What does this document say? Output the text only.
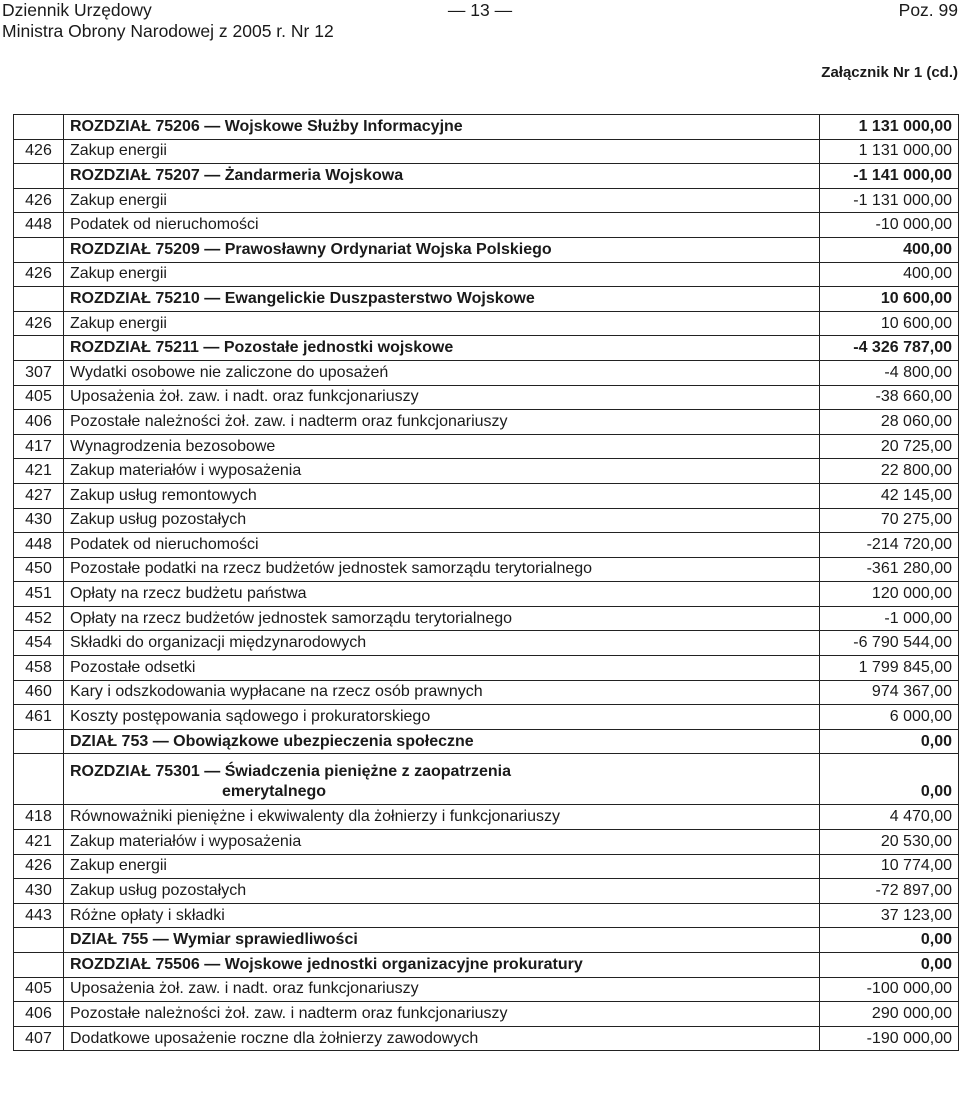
Dziennik Urzędowy
Ministra Obrony Narodowej z 2005 r. Nr 12
— 13 —	Poz. 99
Załącznik Nr 1 (cd.)
	ROZDZIAŁ 75206 — Wojskowe Służby Informacyjne	1 131 000,00
426	Zakup energii	1 131 000,00
	ROZDZIAŁ 75207 — Żandarmeria Wojskowa	-1 141 000,00
426	Zakup energii	-1 131 000,00
448	Podatek od nieruchomości	-10 000,00
	ROZDZIAŁ 75209 — Prawosławny Ordynariat Wojska Polskiego	400,00
426	Zakup energii	400,00
	ROZDZIAŁ 75210 — Ewangelickie Duszpasterstwo Wojskowe	10 600,00
426	Zakup energii	10 600,00
	ROZDZIAŁ 75211 — Pozostałe jednostki wojskowe	-4 326 787,00
307	Wydatki osobowe nie zaliczone do uposażeń	-4 800,00
405	Uposażenia żoł. zaw. i nadt. oraz funkcjonariuszy	-38 660,00
406	Pozostałe należności żoł. zaw. i nadterm oraz funkcjonariuszy	28 060,00
417	Wynagrodzenia bezosobowe	20 725,00
421	Zakup materiałów i wyposażenia	22 800,00
427	Zakup usług remontowych	42 145,00
430	Zakup usług pozostałych	70 275,00
448	Podatek od nieruchomości	-214 720,00
450	Pozostałe podatki na rzecz budżetów jednostek samorządu terytorialnego	-361 280,00
451	Opłaty na rzecz budżetu państwa	120 000,00
452	Opłaty na rzecz budżetów jednostek samorządu terytorialnego	-1 000,00
454	Składki do organizacji międzynarodowych	-6 790 544,00
458	Pozostałe odsetki	1 799 845,00
460	Kary i odszkodowania wypłacane na rzecz osób prawnych	974 367,00
461	Koszty postępowania sądowego i prokuratorskiego	6 000,00
	DZIAŁ 753 — Obowiązkowe ubezpieczenia społeczne	0,00

	ROZDZIAŁ 75301 — Świadczenia pieniężne z zaopatrzenia
emerytalnego	0,00
418	Równoważniki pieniężne i ekwiwalenty dla żołnierzy i funkcjonariuszy	4 470,00
421	Zakup materiałów i wyposażenia	20 530,00
426	Zakup energii	10 774,00
430	Zakup usług pozostałych	-72 897,00
443	Różne opłaty i składki	37 123,00
	DZIAŁ 755 — Wymiar sprawiedliwości	0,00
	ROZDZIAŁ 75506 — Wojskowe jednostki organizacyjne prokuratury	0,00
405	Uposażenia żoł. zaw. i nadt. oraz funkcjonariuszy	-100 000,00
406	Pozostałe należności żoł. zaw. i nadterm oraz funkcjonariuszy	290 000,00
407	Dodatkowe uposażenie roczne dla żołnierzy zawodowych	-190 000,00
